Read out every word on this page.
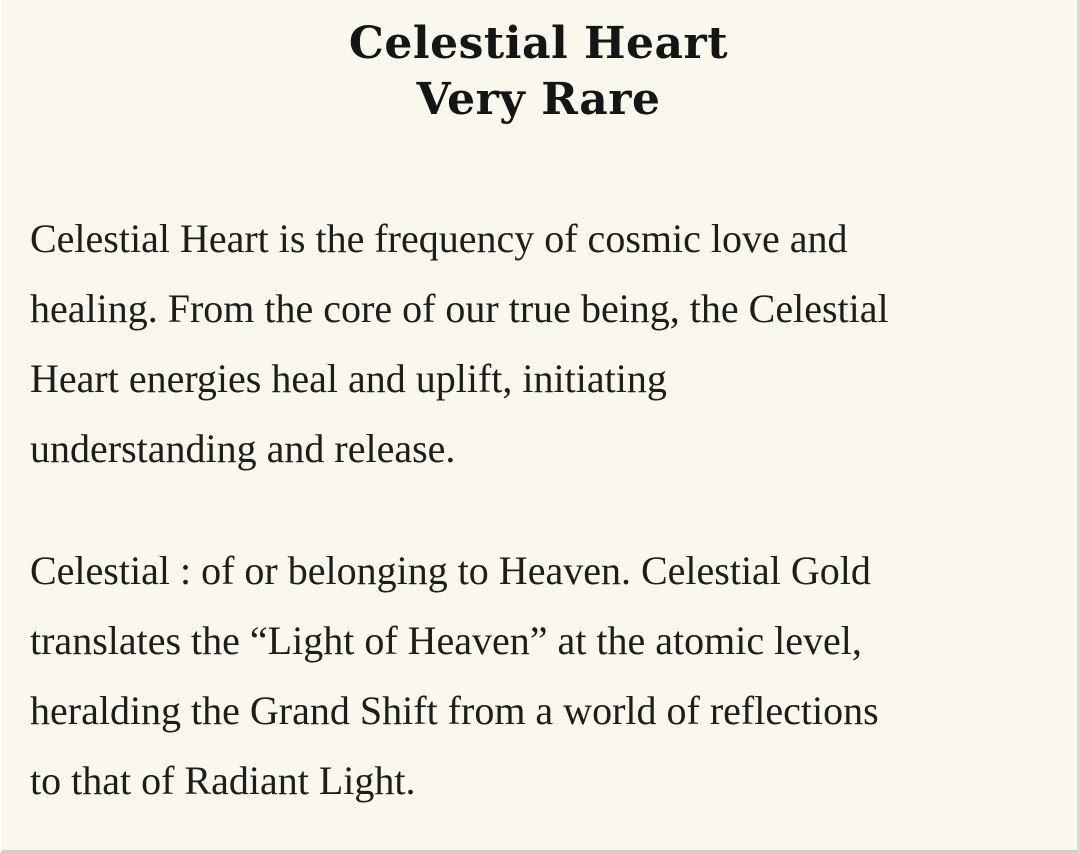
Celestial Heart
Very Rare
Celestial Heart is the frequency of cosmic love and
healing. From the core of our true being, the Celestial
Heart energies heal and uplift, initiating
understanding and release.
Celestial : of or belonging to Heaven. Celestial Gold
translates the “Light of Heaven” at the atomic level,
heralding the Grand Shift from a world of reflections
to that of Radiant Light.
